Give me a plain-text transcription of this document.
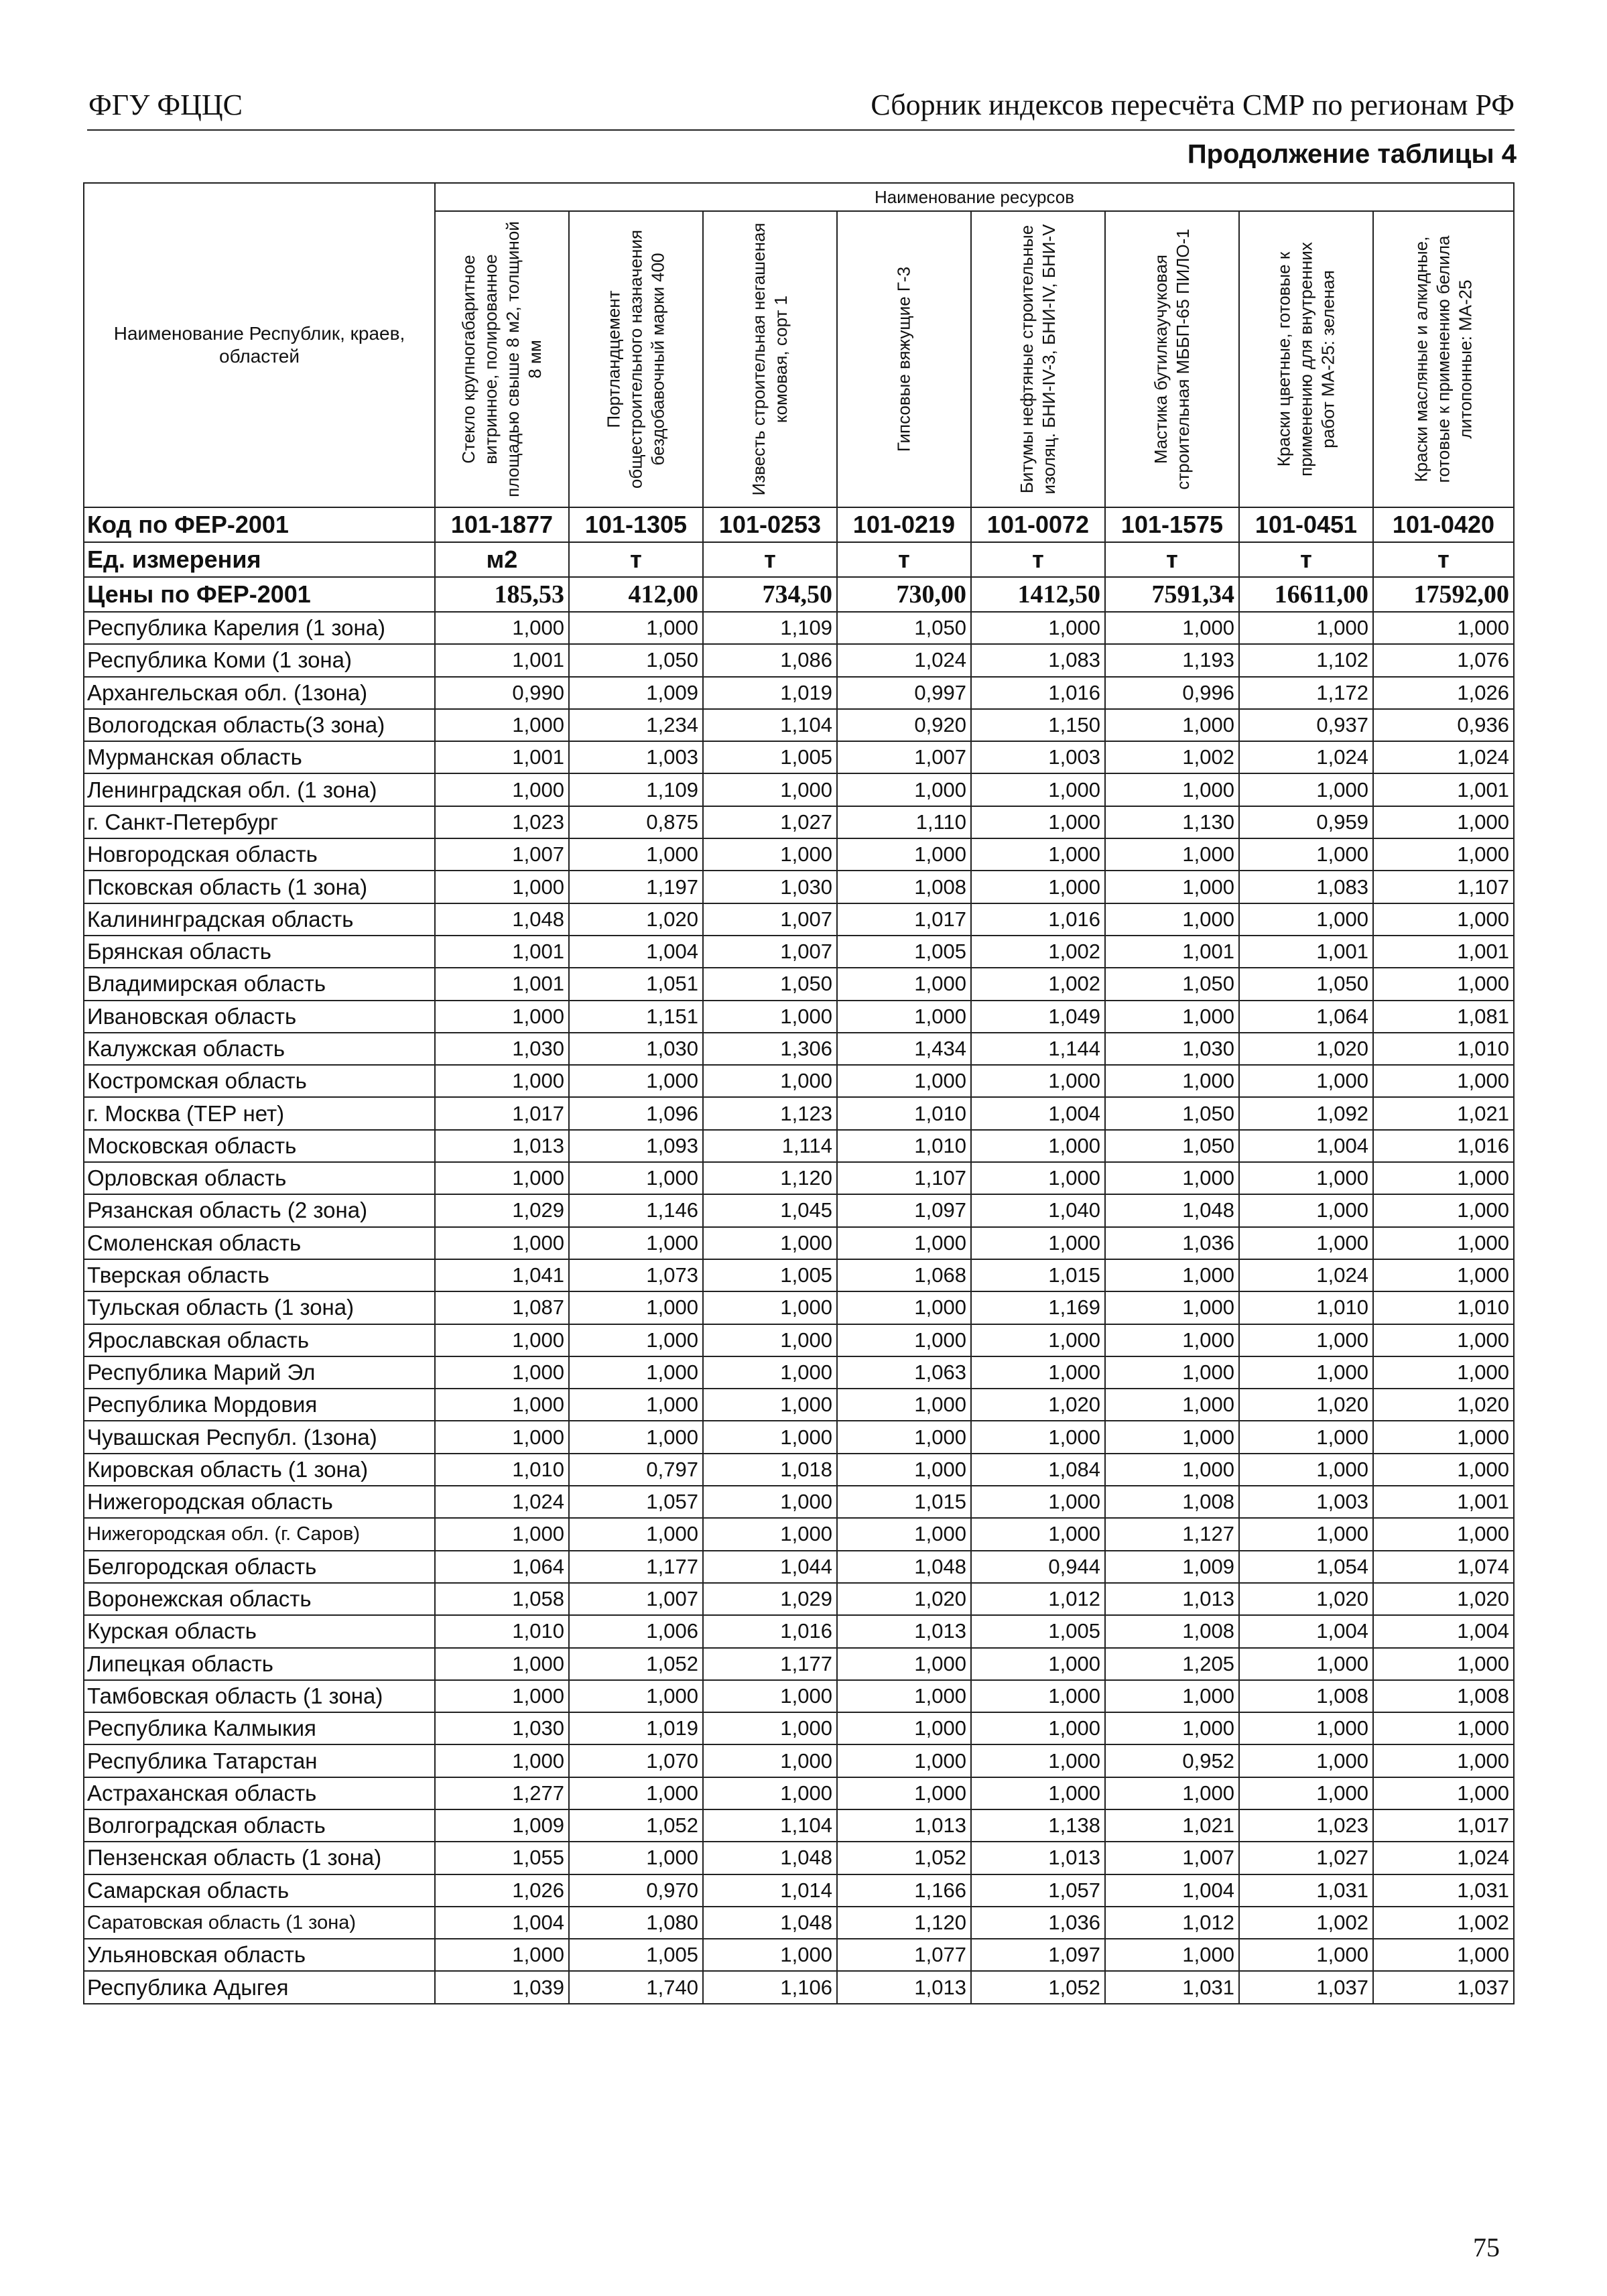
ФГУ ФЦЦС	Сборник индексов пересчёта СМР по регионам РФ
Продолжение таблицы 4
Наименование Республик, краев, областей	Наименование ресурсов							

	Стекло крупногабаритное витринное, полированное площадью свыше 8 м2, толщиной 8 мм	Портландцемент общестроительного назначения бездобавочный марки 400	Известь строительная негашеная комовая, сорт 1	Гипсовые вяжущие Г-3	Битумы нефтяные строительные изоляц. БНИ-IV-3, БНИ-IV, БНИ-V	Мастика бутилкаучуковая строительная МББП-65 ПИЛО-1	Краски цветные, готовые к применению для внутренних работ МА-25: зеленая	Краски масляные и алкидные, готовые к применению белила литопонные: МА-25

Код по ФЕР-2001	101-1877	101-1305	101-0253	101-0219	101-0072	101-1575	101-0451	101-0420
Ед. измерения	м2	т	т	т	т	т	т	т
Цены по ФЕР-2001	185,53	412,00	734,50	730,00	1412,50	7591,34	16611,00	17592,00
Республика Карелия (1 зона)	1,000	1,000	1,109	1,050	1,000	1,000	1,000	1,000
Республика Коми (1 зона)	1,001	1,050	1,086	1,024	1,083	1,193	1,102	1,076
Архангельская обл. (1зона)	0,990	1,009	1,019	0,997	1,016	0,996	1,172	1,026
Вологодская область(3 зона)	1,000	1,234	1,104	0,920	1,150	1,000	0,937	0,936
Мурманская область	1,001	1,003	1,005	1,007	1,003	1,002	1,024	1,024
Ленинградская обл. (1 зона)	1,000	1,109	1,000	1,000	1,000	1,000	1,000	1,001
г. Санкт-Петербург	1,023	0,875	1,027	1,110	1,000	1,130	0,959	1,000
Новгородская область	1,007	1,000	1,000	1,000	1,000	1,000	1,000	1,000
Псковская область (1 зона)	1,000	1,197	1,030	1,008	1,000	1,000	1,083	1,107
Калининградская область	1,048	1,020	1,007	1,017	1,016	1,000	1,000	1,000
Брянская область	1,001	1,004	1,007	1,005	1,002	1,001	1,001	1,001
Владимирская область	1,001	1,051	1,050	1,000	1,002	1,050	1,050	1,000
Ивановская область	1,000	1,151	1,000	1,000	1,049	1,000	1,064	1,081
Калужская область	1,030	1,030	1,306	1,434	1,144	1,030	1,020	1,010
Костромская область	1,000	1,000	1,000	1,000	1,000	1,000	1,000	1,000
г. Москва (ТЕР нет)	1,017	1,096	1,123	1,010	1,004	1,050	1,092	1,021
Московская область	1,013	1,093	1,114	1,010	1,000	1,050	1,004	1,016
Орловская область	1,000	1,000	1,120	1,107	1,000	1,000	1,000	1,000
Рязанская область (2 зона)	1,029	1,146	1,045	1,097	1,040	1,048	1,000	1,000
Смоленская область	1,000	1,000	1,000	1,000	1,000	1,036	1,000	1,000
Тверская область	1,041	1,073	1,005	1,068	1,015	1,000	1,024	1,000
Тульская область (1 зона)	1,087	1,000	1,000	1,000	1,169	1,000	1,010	1,010
Ярославская область	1,000	1,000	1,000	1,000	1,000	1,000	1,000	1,000
Республика Марий Эл	1,000	1,000	1,000	1,063	1,000	1,000	1,000	1,000
Республика Мордовия	1,000	1,000	1,000	1,000	1,020	1,000	1,020	1,020
Чувашская Республ. (1зона)	1,000	1,000	1,000	1,000	1,000	1,000	1,000	1,000
Кировская область (1 зона)	1,010	0,797	1,018	1,000	1,084	1,000	1,000	1,000
Нижегородская область	1,024	1,057	1,000	1,015	1,000	1,008	1,003	1,001
Нижегородская обл. (г. Саров)	1,000	1,000	1,000	1,000	1,000	1,127	1,000	1,000
Белгородская область	1,064	1,177	1,044	1,048	0,944	1,009	1,054	1,074
Воронежская область	1,058	1,007	1,029	1,020	1,012	1,013	1,020	1,020
Курская область	1,010	1,006	1,016	1,013	1,005	1,008	1,004	1,004
Липецкая область	1,000	1,052	1,177	1,000	1,000	1,205	1,000	1,000
Тамбовская область (1 зона)	1,000	1,000	1,000	1,000	1,000	1,000	1,008	1,008
Республика Калмыкия	1,030	1,019	1,000	1,000	1,000	1,000	1,000	1,000
Республика Татарстан	1,000	1,070	1,000	1,000	1,000	0,952	1,000	1,000
Астраханская область	1,277	1,000	1,000	1,000	1,000	1,000	1,000	1,000
Волгоградская область	1,009	1,052	1,104	1,013	1,138	1,021	1,023	1,017
Пензенская область (1 зона)	1,055	1,000	1,048	1,052	1,013	1,007	1,027	1,024
Самарская область	1,026	0,970	1,014	1,166	1,057	1,004	1,031	1,031
Саратовская область (1 зона)	1,004	1,080	1,048	1,120	1,036	1,012	1,002	1,002
Ульяновская область	1,000	1,005	1,000	1,077	1,097	1,000	1,000	1,000
Республика Адыгея	1,039	1,740	1,106	1,013	1,052	1,031	1,037	1,037
75
